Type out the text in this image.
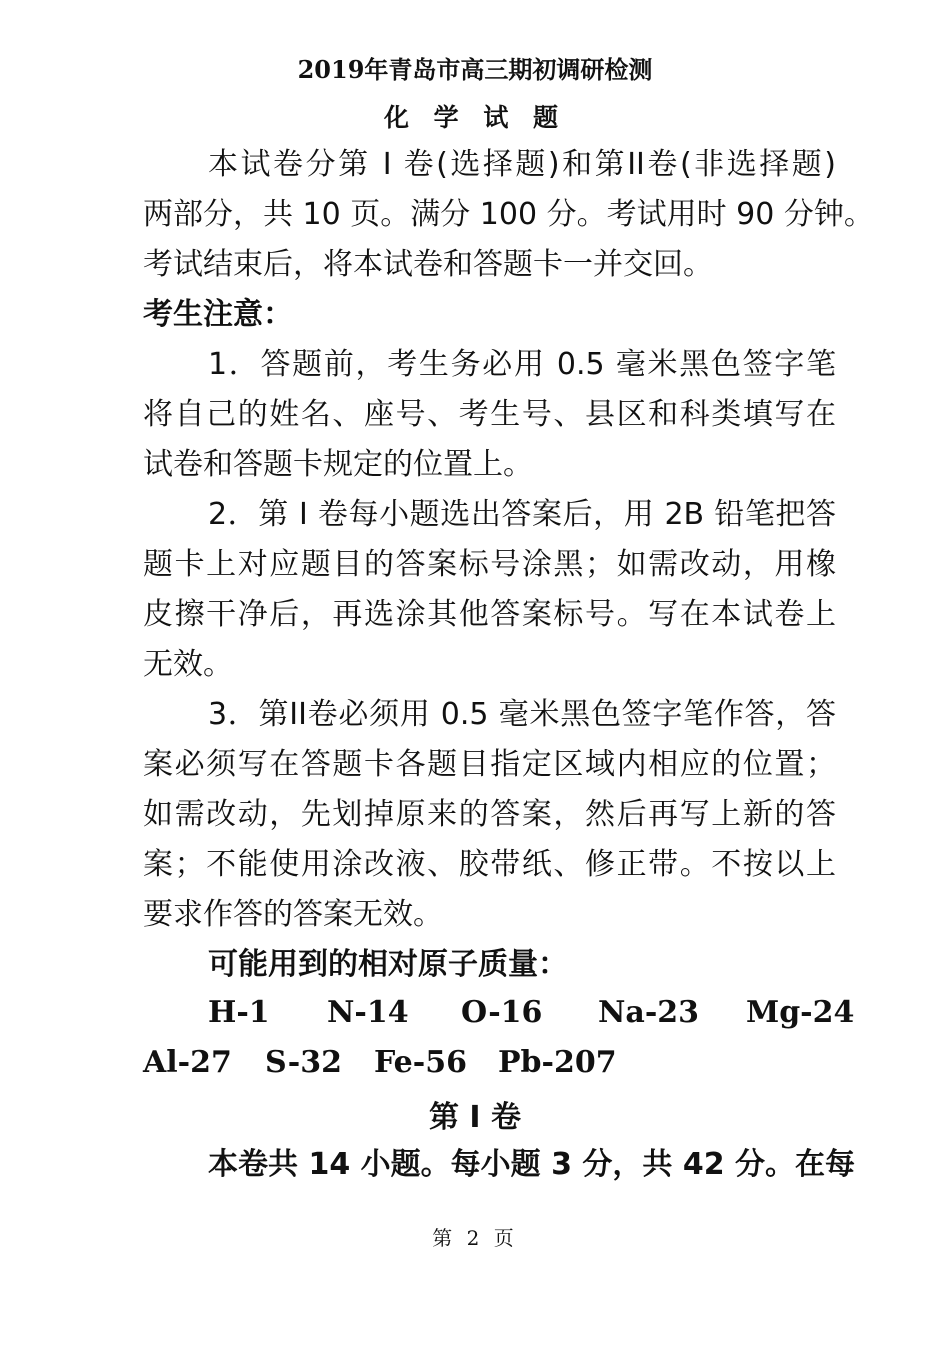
2019年青岛市高三期初调研检测
化 学 试 题
本试卷分第 I 卷(选择题)和第II卷(非选择题)
两部分，共 10 页。满分 100 分。考试用时 90 分钟。
考试结束后，将本试卷和答题卡一并交回。
考生注意：
1．答题前，考生务必用 0.5 毫米黑色签字笔
将自己的姓名、座号、考生号、县区和科类填写在
试卷和答题卡规定的位置上。
2．第 I 卷每小题选出答案后，用 2B 铅笔把答
题卡上对应题目的答案标号涂黑；如需改动，用橡
皮擦干净后，再选涂其他答案标号。写在本试卷上
无效。
3．第II卷必须用 0.5 毫米黑色签字笔作答，答
案必须写在答题卡各题目指定区域内相应的位置；
如需改动，先划掉原来的答案，然后再写上新的答
案；不能使用涂改液、胶带纸、修正带。不按以上
要求作答的答案无效。
可能用到的相对原子质量：
H-1 N-14 O-16 Na-23 Mg-24
Al-27 S-32 Fe-56 Pb-207
第 I 卷
本卷共 14 小题。每小题 3 分，共 42 分。在每
第 2 页
